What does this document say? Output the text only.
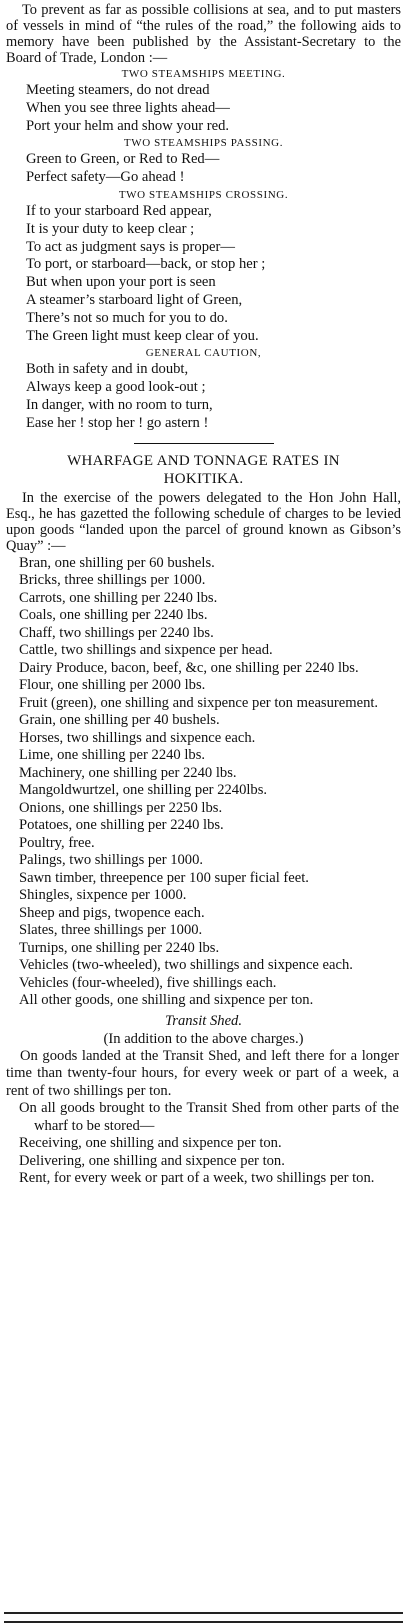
To prevent as far as possible collisions at sea, and to put masters of vessels in mind of “the rules of the road,” the following aids to memory have been published by the Assistant-Secretary to the Board of Trade, London :—

TWO STEAMSHIPS MEETING.

Meeting steamers, do not dread

When you see three lights ahead—

Port your helm and show your red.

TWO STEAMSHIPS PASSING.

Green to Green, or Red to Red—

Perfect safety—Go ahead !

TWO STEAMSHIPS CROSSING.

If to your starboard Red appear,

It is your duty to keep clear ;

To act as judgment says is proper—

To port, or starboard—back, or stop her ;

But when upon your port is seen

A steamer’s starboard light of Green,

There’s not so much for you to do.

The Green light must keep clear of you.

GENERAL CAUTION,

Both in safety and in doubt,

Always keep a good look-out ;

In danger, with no room to turn,

Ease her ! stop her ! go astern !

WHARFAGE AND TONNAGE RATES IN HOKITIKA.

In the exercise of the powers delegated to the Hon John Hall, Esq., he has gazetted the following schedule of charges to be levied upon goods “landed upon the parcel of ground known as Gibson’s Quay” :—

Bran, one shilling per 60 bushels.

Bricks, three shillings per 1000.

Carrots, one shilling per 2240 lbs.

Coals, one shilling per 2240 lbs.

Chaff, two shillings per 2240 lbs.

Cattle, two shillings and sixpence per head.

Dairy Produce, bacon, beef, &c, one shilling per 2240 lbs.

Flour, one shilling per 2000 lbs.

Fruit (green), one shilling and sixpence per ton measurement.

Grain, one shilling per 40 bushels.

Horses, two shillings and sixpence each.

Lime, one shilling per 2240 lbs.

Machinery, one shilling per 2240 lbs.

Mangoldwurtzel, one shilling per 2240lbs.

Onions, one shillings per 2250 lbs.

Potatoes, one shilling per 2240 lbs.

Poultry, free.

Palings, two shillings per 1000.

Sawn timber, threepence per 100 super ficial feet.

Shingles, sixpence per 1000.

Sheep and pigs, twopence each.

Slates, three shillings per 1000.

Turnips, one shilling per 2240 lbs.

Vehicles (two-wheeled), two shillings and sixpence each.

Vehicles (four-wheeled), five shillings each.

All other goods, one shilling and sixpence per ton.

Transit Shed.

(In addition to the above charges.)

On goods landed at the Transit Shed, and left there for a longer time than twenty-four hours, for every week or part of a week, a rent of two shillings per ton.

On all goods brought to the Transit Shed from other parts of the wharf to be stored—

Receiving, one shilling and sixpence per ton.

Delivering, one shilling and sixpence per ton.

Rent, for every week or part of a week, two shillings per ton.
